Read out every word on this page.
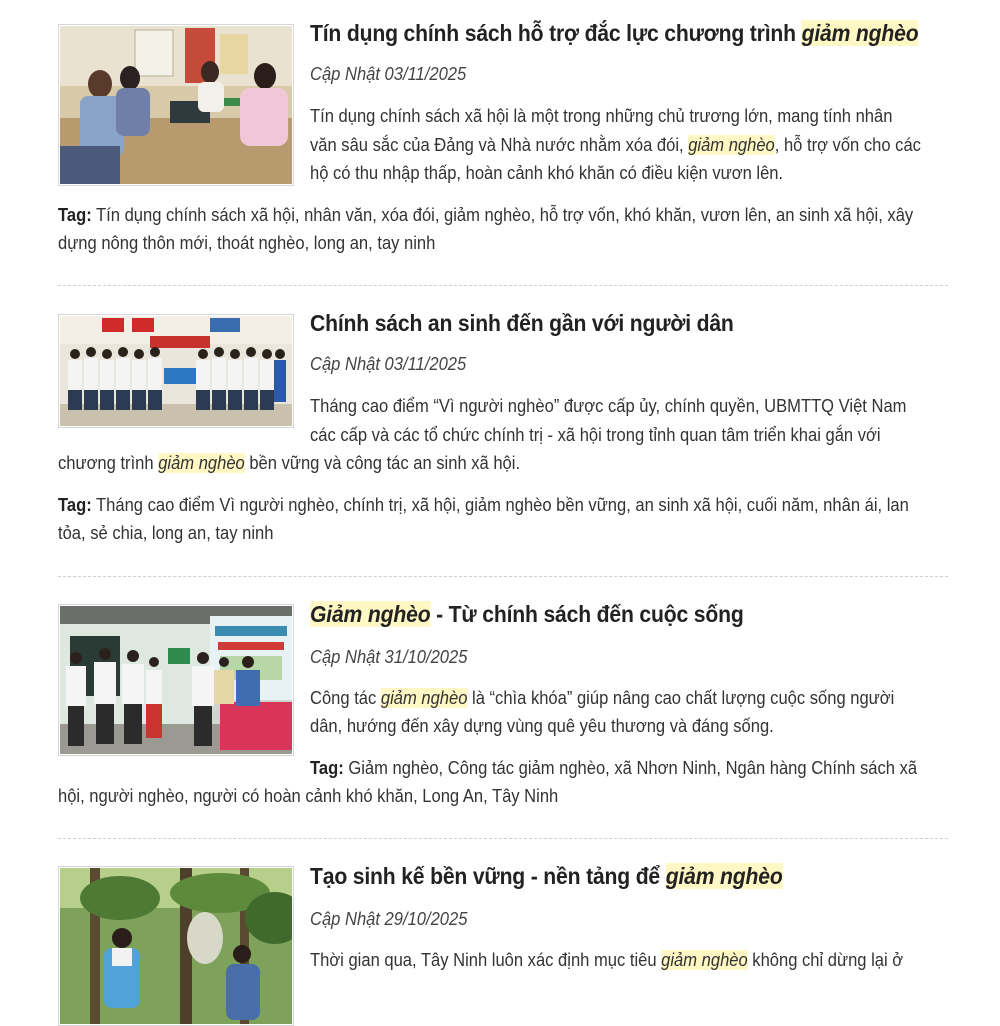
Tín dụng chính sách hỗ trợ đắc lực chương trình giảm nghèo
Cập Nhật 03/11/2025
Tín dụng chính sách xã hội là một trong những chủ trương lớn, mang tính nhân
văn sâu sắc của Đảng và Nhà nước nhằm xóa đói, giảm nghèo, hỗ trợ vốn cho các
hộ có thu nhập thấp, hoàn cảnh khó khăn có điều kiện vươn lên.
Tag: Tín dụng chính sách xã hội, nhân văn, xóa đói, giảm nghèo, hỗ trợ vốn, khó khăn, vươn lên, an sinh xã hội, xây
dựng nông thôn mới, thoát nghèo, long an, tay ninh
Chính sách an sinh đến gần với người dân
Cập Nhật 03/11/2025
Tháng cao điểm “Vì người nghèo” được cấp ủy, chính quyền, UBMTTQ Việt Nam
các cấp và các tổ chức chính trị - xã hội trong tỉnh quan tâm triển khai gắn với
chương trình giảm nghèo bền vững và công tác an sinh xã hội.
Tag: Tháng cao điểm Vì người nghèo, chính trị, xã hội, giảm nghèo bền vững, an sinh xã hội, cuối năm, nhân ái, lan
tỏa, sẻ chia, long an, tay ninh
Giảm nghèo - Từ chính sách đến cuộc sống
Cập Nhật 31/10/2025
Công tác giảm nghèo là “chìa khóa” giúp nâng cao chất lượng cuộc sống người
dân, hướng đến xây dựng vùng quê yêu thương và đáng sống.
Tag: Giảm nghèo, Công tác giảm nghèo, xã Nhơn Ninh, Ngân hàng Chính sách xã
hội, người nghèo, người có hoàn cảnh khó khăn, Long An, Tây Ninh
Tạo sinh kế bền vững - nền tảng để giảm nghèo
Cập Nhật 29/10/2025
Thời gian qua, Tây Ninh luôn xác định mục tiêu giảm nghèo không chỉ dừng lại ở
